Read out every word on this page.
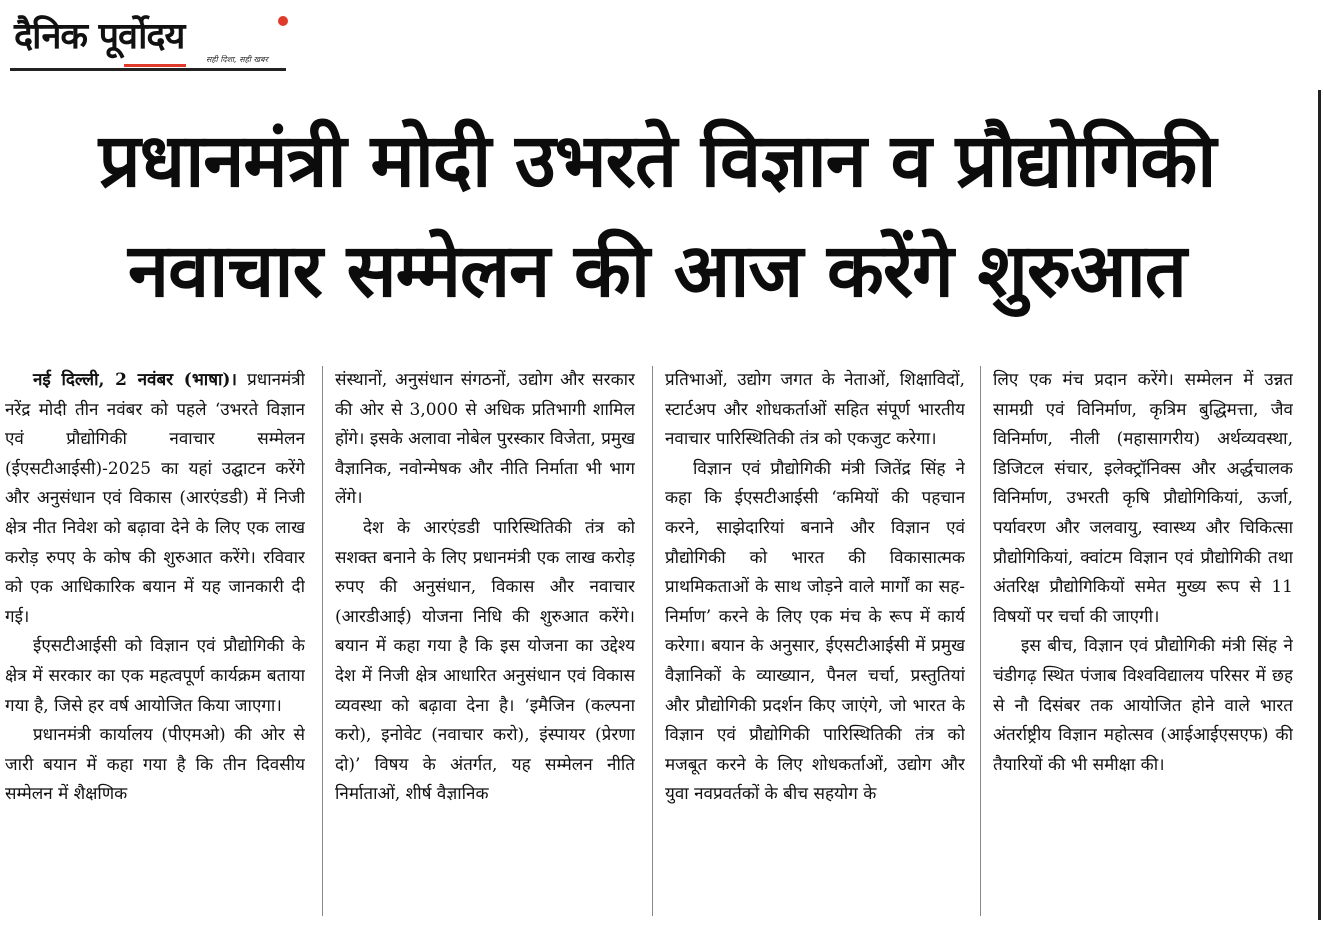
दैनिक पूर्वोदय
सही दिशा, सही खबर
प्रधानमंत्री मोदी उभरते विज्ञान व प्रौद्योगिकी
नवाचार सम्मेलन की आज करेंगे शुरुआत

नई दिल्ली, 2 नवंबर (भाषा)। प्रधानमंत्री नरेंद्र मोदी तीन नवंबर को पहले ‘उभरते विज्ञान एवं प्रौद्योगिकी नवाचार सम्मेलन (ईएसटीआईसी)-2025 का यहां उद्घाटन करेंगे और अनुसंधान एवं विकास (आरएंडडी) में निजी क्षेत्र नीत निवेश को बढ़ावा देने के लिए एक लाख करोड़ रुपए के कोष की शुरुआत करेंगे। रविवार को एक आधिकारिक बयान में यह जानकारी दी गई।

ईएसटीआईसी को विज्ञान एवं प्रौद्योगिकी के क्षेत्र में सरकार का एक महत्वपूर्ण कार्यक्रम बताया गया है, जिसे हर वर्ष आयोजित किया जाएगा।

प्रधानमंत्री कार्यालय (पीएमओ) की ओर से जारी बयान में कहा गया है कि तीन दिवसीय सम्मेलन में शैक्षणिक

संस्थानों, अनुसंधान संगठनों, उद्योग और सरकार की ओर से 3,000 से अधिक प्रतिभागी शामिल होंगे। इसके अलावा नोबेल पुरस्कार विजेता, प्रमुख वैज्ञानिक, नवोन्मेषक और नीति निर्माता भी भाग लेंगे।

देश के आरएंडडी पारिस्थितिकी तंत्र को सशक्त बनाने के लिए प्रधानमंत्री एक लाख करोड़ रुपए की अनुसंधान, विकास और नवाचार (आरडीआई) योजना निधि की शुरुआत करेंगे। बयान में कहा गया है कि इस योजना का उद्देश्य देश में निजी क्षेत्र आधारित अनुसंधान एवं विकास व्यवस्था को बढ़ावा देना है। ‘इमैजिन (कल्पना करो), इनोवेट (नवाचार करो), इंस्पायर (प्रेरणा दो)’ विषय के अंतर्गत, यह सम्मेलन नीति निर्माताओं, शीर्ष वैज्ञानिक

प्रतिभाओं, उद्योग जगत के नेताओं, शिक्षाविदों, स्टार्टअप और शोधकर्ताओं सहित संपूर्ण भारतीय नवाचार पारिस्थितिकी तंत्र को एकजुट करेगा।

विज्ञान एवं प्रौद्योगिकी मंत्री जितेंद्र सिंह ने कहा कि ईएसटीआईसी ‘कमियों की पहचान करने, साझेदारियां बनाने और विज्ञान एवं प्रौद्योगिकी को भारत की विकासात्मक प्राथमिकताओं के साथ जोड़ने वाले मार्गों का सह-निर्माण’ करने के लिए एक मंच के रूप में कार्य करेगा। बयान के अनुसार, ईएसटीआईसी में प्रमुख वैज्ञानिकों के व्याख्यान, पैनल चर्चा, प्रस्तुतियां और प्रौद्योगिकी प्रदर्शन किए जाएंगे, जो भारत के विज्ञान एवं प्रौद्योगिकी पारिस्थितिकी तंत्र को मजबूत करने के लिए शोधकर्ताओं, उद्योग और युवा नवप्रवर्तकों के बीच सहयोग के

लिए एक मंच प्रदान करेंगे। सम्मेलन में उन्नत सामग्री एवं विनिर्माण, कृत्रिम बुद्धिमत्ता, जैव विनिर्माण, नीली (महासागरीय) अर्थव्यवस्था, डिजिटल संचार, इलेक्ट्रॉनिक्स और अर्द्धचालक विनिर्माण, उभरती कृषि प्रौद्योगिकियां, ऊर्जा, पर्यावरण और जलवायु, स्वास्थ्य और चिकित्सा प्रौद्योगिकियां, क्वांटम विज्ञान एवं प्रौद्योगिकी तथा अंतरिक्ष प्रौद्योगिकियों समेत मुख्य रूप से 11 विषयों पर चर्चा की जाएगी।

इस बीच, विज्ञान एवं प्रौद्योगिकी मंत्री सिंह ने चंडीगढ़ स्थित पंजाब विश्वविद्यालय परिसर में छह से नौ दिसंबर तक आयोजित होने वाले भारत अंतर्राष्ट्रीय विज्ञान महोत्सव (आईआईएसएफ) की तैयारियों की भी समीक्षा की।
